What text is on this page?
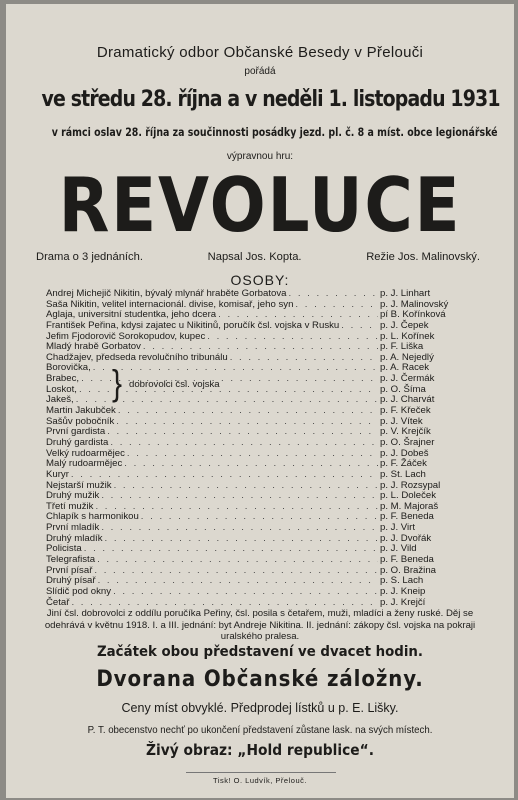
Dramatický odbor Občanské Besedy v Přelouči
pořádá
ve středu 28. října a v neděli 1. listopadu 1931
v rámci oslav 28. října za součinnosti posádky jezd. pl. č. 8 a míst. obce legionářské
výpravnou hru:
REVOLUCE
Drama o 3 jednáních.	Napsal Jos. Kopta.	Režie Jos. Malinovský.
OSOBY:
Andrej Michejič Nikitin, bývalý mlynář hraběte Gorbatova . . .	p. J. Linhart
Saša Nikitin, velitel internacionál. divise, komisař, jeho syn . . .	p. J. Malinovský
Aglaja, universitní studentka, jeho dcera . . .	pí B. Kořínková
František Peřina, kdysi zajatec u Nikitinů, poručík čsl. vojska v Rusku . . .	p. J. Čepek
Jefim Fjodorovič Sorokopudov, kupec . . .	p. L. Kořínek
Mladý hrabě Gorbatov . . .	p. F. Liška
Chadžajev, předseda revolučního tribunálu . . .	p. A. Nejedlý
Borovička, . . .	p. A. Racek
Brabec, . . .	p. J. Čermák
Loskot, . . .	p. O. Šíma
Jakeš, . . .	p. J. Charvát
Martin Jakubček . . .	p. F. Křeček
Sašův pobočník . . .	p. J. Vítek
První gardista . . .	p. V. Krejčík
Druhý gardista . . .	p. O. Šrajner
Velký rudoarmějec . . .	p. J. Dobeš
Malý rudoarmějec . . .	p. F. Žáček
Kuryr . . .	p. St. Lach
Nejstarší mužik . . .	p. J. Rozsypal
Druhý mužik . . .	p. L. Doleček
Třetí mužik . . .	p. M. Majoraš
Chlapík s harmonikou . . .	p. F. Beneda
První mladík . . .	p. J. Virt
Druhý mladík . . .	p. J. Dvořák
Policista . . .	p. J. Vild
Telegrafista . . .	p. F. Beneda
První písař . . .	p. O. Bražina
Druhý písař . . .	p. S. Lach
Slídič pod okny . . .	p. J. Kneip
Četař . . .	p. J. Krejčí
} dobrovolci čsl. vojska
Jiní čsl. dobrovolci z oddílu poručíka Peřiny, čsl. posila s četařem, muži, mladíci a ženy ruské. Děj se odehrává v květnu 1918. I. a III. jednání: byt Andreje Nikitina. II. jednání: zákopy čsl. vojska na pokraji uralského pralesa.
Začátek obou představení ve dvacet hodin.
Dvorana Občanské záložny.
Ceny míst obvyklé. Předprodej lístků u p. E. Lišky.
P. T. obecenstvo nechť po ukončení představení zůstane lask. na svých místech.
Živý obraz: „Hold republice“.
Tisk! O. Ludvík, Přelouč.
